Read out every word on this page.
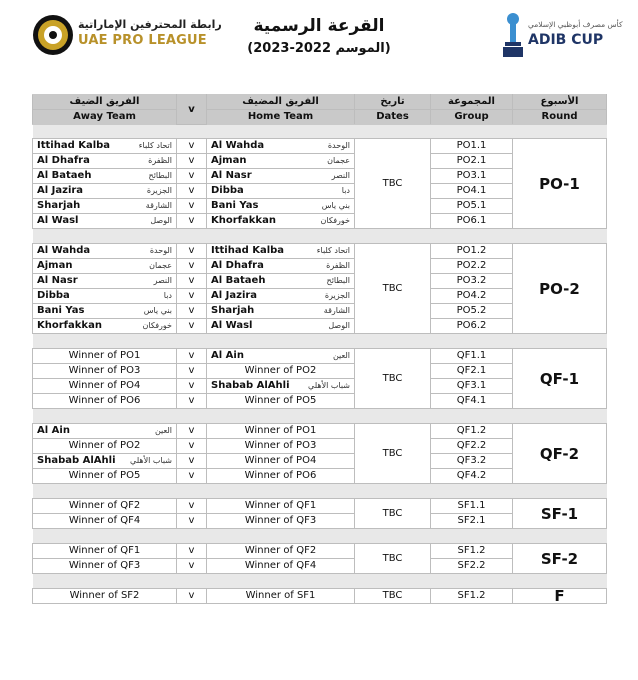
رابطة المحترفين الإماراتية
UAE PRO LEAGUE
القرعة الرسمية
(الموسم 2022-2023)
كأس مصرف أبوظبي الإسلامي
ADIB CUP
الفريق الضيف	v	الفريق المضيف	تاريخ	المجموعة	الأسبوع
Away Team		Home Team	Dates	Group	Round

Ittihad Kalba اتحاد كلباء	v	Al Wahda الوحدة	TBC	PO1.1	PO-1

Al Dhafra الظفرة	v	Ajman عجمان		PO2.1	

Al Bataeh البطائح	v	Al Nasr النصر		PO3.1	

Al Jazira الجزيرة	v	Dibba دبا		PO4.1	

Sharjah الشارقة	v	Bani Yas بني ياس		PO5.1	

Al Wasl الوصل	v	Khorfakkan خورفكان		PO6.1	

Al Wahda الوحدة	v	Ittihad Kalba اتحاد كلباء	TBC	PO1.2	PO-2

Ajman عجمان	v	Al Dhafra الظفرة		PO2.2	

Al Nasr النصر	v	Al Bataeh البطائح		PO3.2	

Dibba دبا	v	Al Jazira الجزيرة		PO4.2	

Bani Yas بني ياس	v	Sharjah الشارقة		PO5.2	

Khorfakkan خورفكان	v	Al Wasl الوصل		PO6.2	

Winner of PO1	v	Al Ain العين	TBC	QF1.1	QF-1
Winner of PO3	v	Winner of PO2		QF2.1	
Winner of PO4	v	Shabab AlAhli شباب الأهلي		QF3.1	
Winner of PO6	v	Winner of PO5		QF4.1	

Al Ain العين	v	Winner of PO1	TBC	QF1.2	QF-2
Winner of PO2	v	Winner of PO3		QF2.2	

Shabab AlAhli شباب الأهلي	v	Winner of PO4		QF3.2	
Winner of PO5	v	Winner of PO6		QF4.2	

Winner of QF2	v	Winner of QF1	TBC	SF1.1	SF-1
Winner of QF4	v	Winner of QF3		SF2.1	

Winner of QF1	v	Winner of QF2	TBC	SF1.2	SF-2
Winner of QF3	v	Winner of QF4		SF2.2	

Winner of SF2	v	Winner of SF1	TBC	SF1.2	F
